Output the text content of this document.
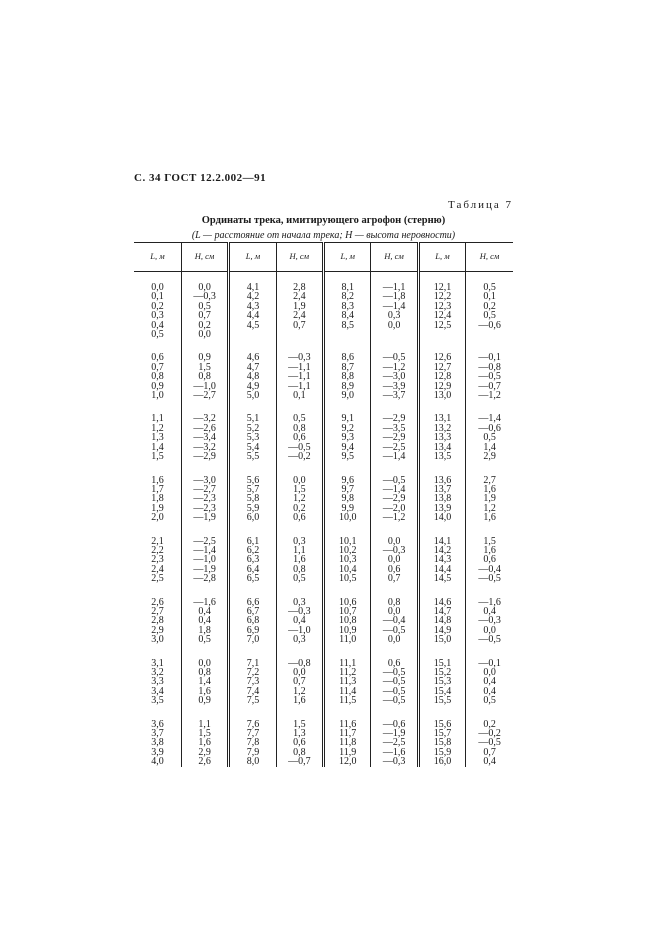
С. 34 ГОСТ 12.2.002—91
Таблица 7
Ординаты трека, имитирующего агрофон (стерню)
(L — расстояние от начала трека; H — высота неровности)
L, м	H, см	L, м	H, см	L, м	H, см	L, м	H, см
0,0	0,0	4,1	2,8	8,1	—1,1	12,1	0,5
0,1	—0,3	4,2	2,4	8,2	—1,8	12,2	0,1
0,2	0,5	4,3	1,9	8,3	—1,4	12,3	0,2
0,3	0,7	4,4	2,4	8,4	0,3	12,4	0,5
0,4	0,2	4,5	0,7	8,5	0,0	12,5	—0,6
0,5	0,0						
0,6	0,9	4,6	—0,3	8,6	—0,5	12,6	—0,1
0,7	1,5	4,7	—1,1	8,7	—1,2	12,7	—0,8
0,8	0,8	4,8	—1,1	8,8	—3,0	12,8	—0,5
0,9	—1,0	4,9	—1,1	8,9	—3,9	12,9	—0,7
1,0	—2,7	5,0	0,1	9,0	—3,7	13,0	—1,2
1,1	—3,2	5,1	0,5	9,1	—2,9	13,1	—1,4
1,2	—2,6	5,2	0,8	9,2	—3,5	13,2	—0,6
1,3	—3,4	5,3	0,6	9,3	—2,9	13,3	0,5
1,4	—3,2	5,4	—0,5	9,4	—2,5	13,4	1,4
1,5	—2,9	5,5	—0,2	9,5	—1,4	13,5	2,9
1,6	—3,0	5,6	0,0	9,6	—0,5	13,6	2,7
1,7	—2,7	5,7	1,5	9,7	—1,4	13,7	1,6
1,8	—2,3	5,8	1,2	9,8	—2,9	13,8	1,9
1,9	—2,3	5,9	0,2	9,9	—2,0	13,9	1,2
2,0	—1,9	6,0	0,6	10,0	—1,2	14,0	1,6
2,1	—2,5	6,1	0,3	10,1	0,0	14,1	1,5
2,2	—1,4	6,2	1,1	10,2	—0,3	14,2	1,6
2,3	—1,0	6,3	1,6	10,3	0,0	14,3	0,6
2,4	—1,9	6,4	0,8	10,4	0,6	14,4	—0,4
2,5	—2,8	6,5	0,5	10,5	0,7	14,5	—0,5
2,6	—1,6	6,6	0,3	10,6	0,8	14,6	—1,6
2,7	0,4	6,7	—0,3	10,7	0,0	14,7	0,4
2,8	0,4	6,8	0,4	10,8	—0,4	14,8	—0,3
2,9	1,8	6,9	—1,0	10,9	—0,5	14,9	0,0
3,0	0,5	7,0	0,3	11,0	0,0	15,0	—0,5
3,1	0,0	7,1	—0,8	11,1	0,6	15,1	—0,1
3,2	0,8	7,2	0,0	11,2	—0,5	15,2	0,0
3,3	1,4	7,3	0,7	11,3	—0,5	15,3	0,4
3,4	1,6	7,4	1,2	11,4	—0,5	15,4	0,4
3,5	0,9	7,5	1,6	11,5	—0,5	15,5	0,5
3,6	1,1	7,6	1,5	11,6	—0,6	15,6	0,2
3,7	1,5	7,7	1,3	11,7	—1,9	15,7	—0,2
3,8	1,6	7,8	0,6	11,8	—2,5	15,8	—0,5
3,9	2,9	7,9	0,8	11,9	—1,6	15,9	0,7
4,0	2,6	8,0	—0,7	12,0	—0,3	16,0	0,4
